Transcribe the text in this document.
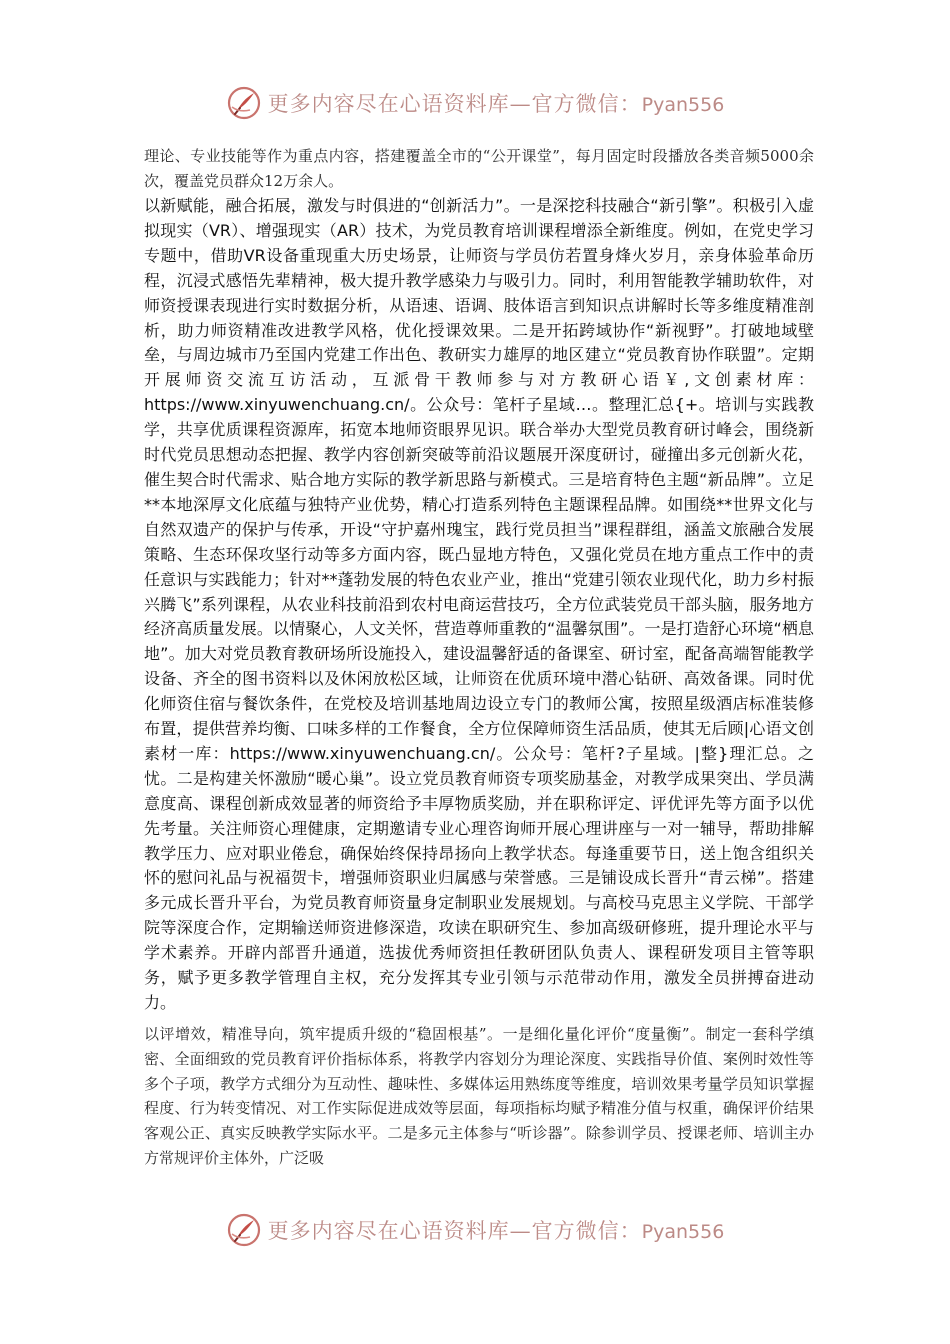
更多内容尽在心语资料库—官方微信：Pyan556

理论、专业技能等作为重点内容，搭建覆盖全市的“公开课堂”，每月固定时段播放各类音频5000余次，覆盖党员群众12万余人。

以新赋能，融合拓展，激发与时俱进的“创新活力”。一是深挖科技融合“新引擎”。积极引入虚拟现实（VR）、增强现实（AR）技术，为党员教育培训课程增添全新维度。例如，在党史学习专题中，借助VR设备重现重大历史场景，让师资与学员仿若置身烽火岁月，亲身体验革命历程，沉浸式感悟先辈精神，极大提升教学感染力与吸引力。同时，利用智能教学辅助软件，对师资授课表现进行实时数据分析，从语速、语调、肢体语言到知识点讲解时长等多维度精准剖析，助力师资精准改进教学风格，优化授课效果。二是开拓跨域协作“新视野”。打破地域壁垒，与周边城市乃至国内党建工作出色、教研实力雄厚的地区建立“党员教育协作联盟”。定期开展师资交流互访活动，互派骨干教师参与对方教研心语￥,文创素材库：https://www.xinyuwenchuang.cn/。公众号：笔杆子星域…。整理汇总{+。培训与实践教学，共享优质课程资源库，拓宽本地师资眼界见识。联合举办大型党员教育研讨峰会，围绕新时代党员思想动态把握、教学内容创新突破等前沿议题展开深度研讨，碰撞出多元创新火花，催生契合时代需求、贴合地方实际的教学新思路与新模式。三是培育特色主题“新品牌”。立足**本地深厚文化底蕴与独特产业优势，精心打造系列特色主题课程品牌。如围绕**世界文化与自然双遗产的保护与传承，开设“守护嘉州瑰宝，践行党员担当”课程群组，涵盖文旅融合发展策略、生态环保攻坚行动等多方面内容，既凸显地方特色，又强化党员在地方重点工作中的责任意识与实践能力；针对**蓬勃发展的特色农业产业，推出“党建引领农业现代化，助力乡村振兴腾飞”系列课程，从农业科技前沿到农村电商运营技巧，全方位武装党员干部头脑，服务地方经济高质量发展。以情聚心，人文关怀，营造尊师重教的“温馨氛围”。一是打造舒心环境“栖息地”。加大对党员教育教研场所设施投入，建设温馨舒适的备课室、研讨室，配备高端智能教学设备、齐全的图书资料以及休闲放松区域，让师资在优质环境中潜心钻研、高效备课。同时优化师资住宿与餐饮条件，在党校及培训基地周边设立专门的教师公寓，按照星级酒店标准装修布置，提供营养均衡、口味多样的工作餐食，全方位保障师资生活品质，使其无后顾|心语文创素材一库：https://www.xinyuwenchuang.cn/。公众号：笔杆?子星域。|整}理汇总。之忧。二是构建关怀激励“暖心巢”。设立党员教育师资专项奖励基金，对教学成果突出、学员满意度高、课程创新成效显著的师资给予丰厚物质奖励，并在职称评定、评优评先等方面予以优先考量。关注师资心理健康，定期邀请专业心理咨询师开展心理讲座与一对一辅导，帮助排解教学压力、应对职业倦怠，确保始终保持昂扬向上教学状态。每逢重要节日，送上饱含组织关怀的慰问礼品与祝福贺卡，增强师资职业归属感与荣誉感。三是铺设成长晋升“青云梯”。搭建多元成长晋升平台，为党员教育师资量身定制职业发展规划。与高校马克思主义学院、干部学院等深度合作，定期输送师资进修深造，攻读在职研究生、参加高级研修班，提升理论水平与学术素养。开辟内部晋升通道，选拔优秀师资担任教研团队负责人、课程研发项目主管等职务，赋予更多教学管理自主权，充分发挥其专业引领与示范带动作用，激发全员拼搏奋进动力。

以评增效，精准导向，筑牢提质升级的“稳固根基”。一是细化量化评价“度量衡”。制定一套科学缜密、全面细致的党员教育评价指标体系，将教学内容划分为理论深度、实践指导价值、案例时效性等多个子项，教学方式细分为互动性、趣味性、多媒体运用熟练度等维度，培训效果考量学员知识掌握程度、行为转变情况、对工作实际促进成效等层面，每项指标均赋予精准分值与权重，确保评价结果客观公正、真实反映教学实际水平。二是多元主体参与“听诊器”。除参训学员、授课老师、培训主办方常规评价主体外，广泛吸

更多内容尽在心语资料库—官方微信：Pyan556
